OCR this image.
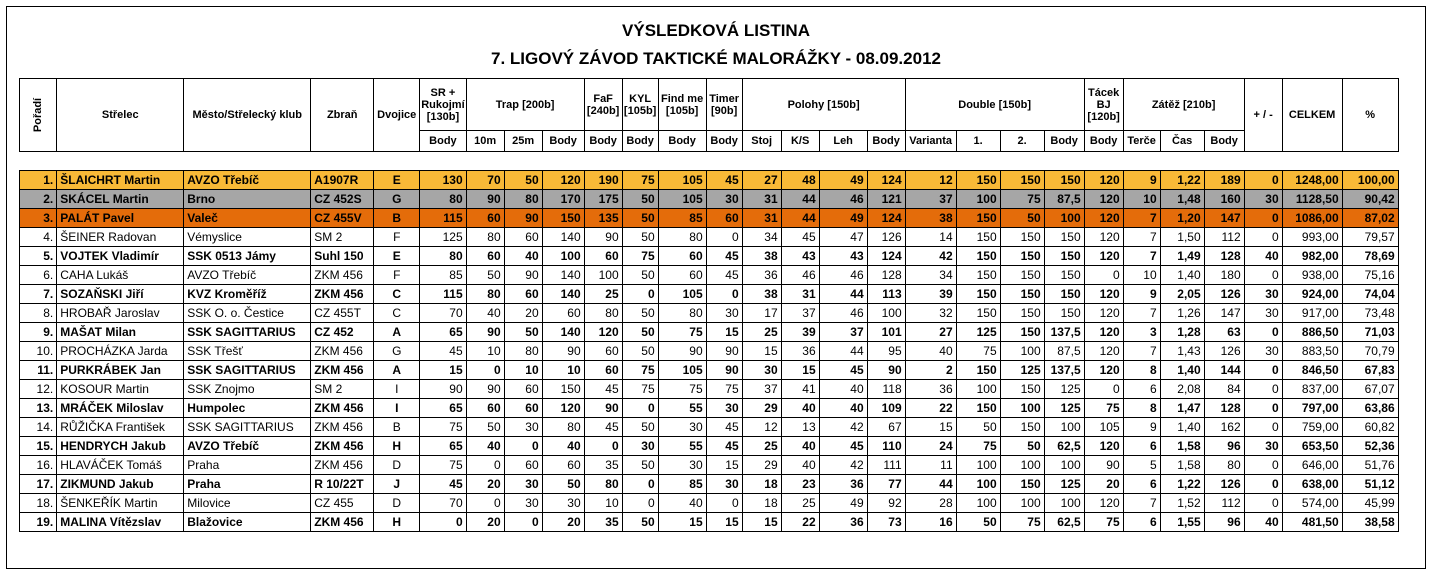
VÝSLEDKOVÁ LISTINA
7. LIGOVÝ ZÁVOD TAKTICKÉ MALORÁŽKY - 08.09.2012
Pořadí	Střelec	Město/Střelecký klub	Zbraň	Dvojice	SR + Rukojmí [130b]	Trap [200b]			FaF [240b]	KYL [105b]	Find me [105b]	Timer [90b]	Polohy [150b]				Double [150b]				Tácek BJ [120b]	Zátěž [210b]			+ / -	CELKEM	%
					Body	10m	25m	Body	Body	Body	Body	Body	Stoj	K/S	Leh	Body	Varianta	1.	2.	Body	Body	Terče	Čas	Body			

1.	ŠLAICHRT Martin	AVZO Třebíč	A1907R	E	130	70	50	120	190	75	105	45	27	48	49	124	12	150	150	150	120	9	1,22	189	0	1248,00	100,00
2.	SKÁCEL Martin	Brno	CZ 452S	G	80	90	80	170	175	50	105	30	31	44	46	121	37	100	75	87,5	120	10	1,48	160	30	1128,50	90,42
3.	PALÁT Pavel	Valeč	CZ 455V	B	115	60	90	150	135	50	85	60	31	44	49	124	38	150	50	100	120	7	1,20	147	0	1086,00	87,02
4.	ŠEINER Radovan	Vémyslice	SM 2	F	125	80	60	140	90	50	80	0	34	45	47	126	14	150	150	150	120	7	1,50	112	0	993,00	79,57
5.	VOJTEK Vladimír	SSK 0513 Jámy	Suhl 150	E	80	60	40	100	60	75	60	45	38	43	43	124	42	150	150	150	120	7	1,49	128	40	982,00	78,69
6.	CAHA Lukáš	AVZO Třebíč	ZKM 456	F	85	50	90	140	100	50	60	45	36	46	46	128	34	150	150	150	0	10	1,40	180	0	938,00	75,16
7.	SOZAŇSKI Jiří	KVZ Kroměříž	ZKM 456	C	115	80	60	140	25	0	105	0	38	31	44	113	39	150	150	150	120	9	2,05	126	30	924,00	74,04
8.	HROBAŘ Jaroslav	SSK O. o. Čestice	CZ 455T	C	70	40	20	60	80	50	80	30	17	37	46	100	32	150	150	150	120	7	1,26	147	30	917,00	73,48
9.	MAŠAT Milan	SSK SAGITTARIUS	CZ 452	A	65	90	50	140	120	50	75	15	25	39	37	101	27	125	150	137,5	120	3	1,28	63	0	886,50	71,03
10.	PROCHÁZKA Jarda	SSK Třešť	ZKM 456	G	45	10	80	90	60	50	90	90	15	36	44	95	40	75	100	87,5	120	7	1,43	126	30	883,50	70,79
11.	PURKRÁBEK Jan	SSK SAGITTARIUS	ZKM 456	A	15	0	10	10	60	75	105	90	30	15	45	90	2	150	125	137,5	120	8	1,40	144	0	846,50	67,83
12.	KOSOUR Martin	SSK Znojmo	SM 2	I	90	90	60	150	45	75	75	75	37	41	40	118	36	100	150	125	0	6	2,08	84	0	837,00	67,07
13.	MRÁČEK Miloslav	Humpolec	ZKM 456	I	65	60	60	120	90	0	55	30	29	40	40	109	22	150	100	125	75	8	1,47	128	0	797,00	63,86
14.	RŮŽIČKA František	SSK SAGITTARIUS	ZKM 456	B	75	50	30	80	45	50	30	45	12	13	42	67	15	50	150	100	105	9	1,40	162	0	759,00	60,82
15.	HENDRYCH Jakub	AVZO Třebíč	ZKM 456	H	65	40	0	40	0	30	55	45	25	40	45	110	24	75	50	62,5	120	6	1,58	96	30	653,50	52,36
16.	HLAVÁČEK Tomáš	Praha	ZKM 456	D	75	0	60	60	35	50	30	15	29	40	42	111	11	100	100	100	90	5	1,58	80	0	646,00	51,76
17.	ZIKMUND Jakub	Praha	R 10/22T	J	45	20	30	50	80	0	85	30	18	23	36	77	44	100	150	125	20	6	1,22	126	0	638,00	51,12
18.	ŠENKEŘÍK Martin	Milovice	CZ 455	D	70	0	30	30	10	0	40	0	18	25	49	92	28	100	100	100	120	7	1,52	112	0	574,00	45,99
19.	MALINA Vítězslav	Blažovice	ZKM 456	H	0	20	0	20	35	50	15	15	15	22	36	73	16	50	75	62,5	75	6	1,55	96	40	481,50	38,58
